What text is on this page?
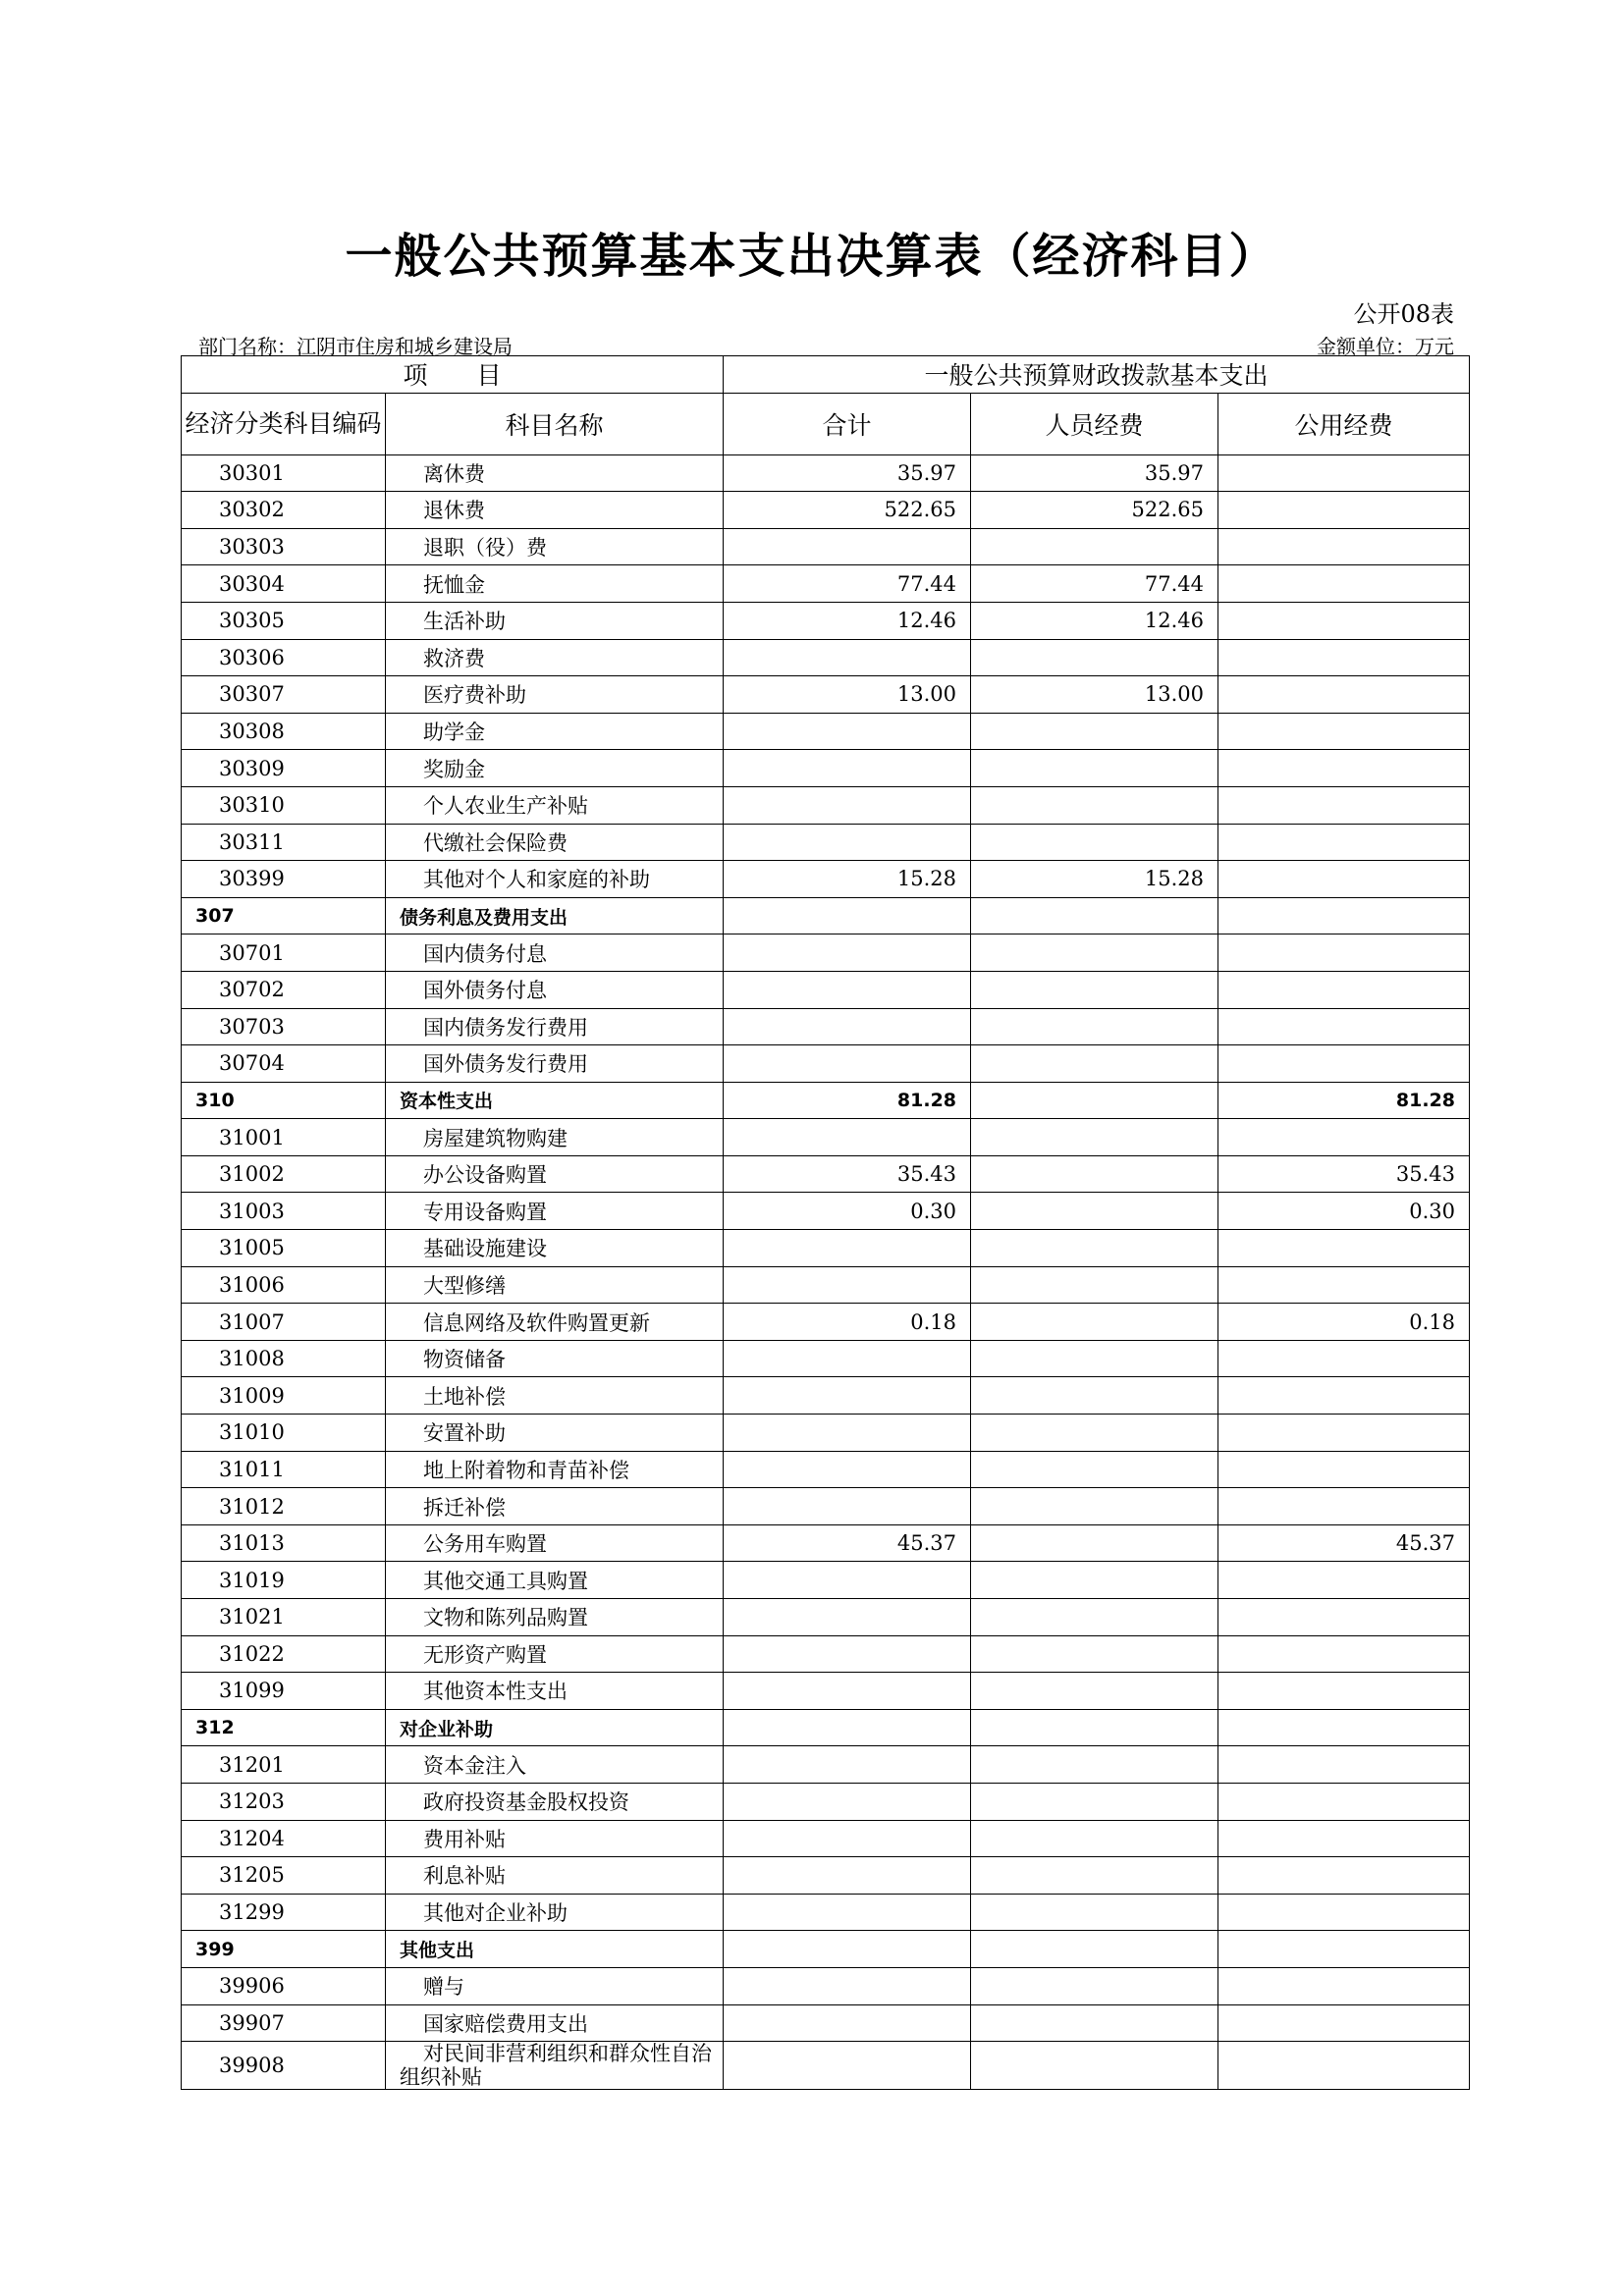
一般公共预算基本支出决算表（经济科目）
公开08表
部门名称：江阴市住房和城乡建设局	金额单位：万元
项　　目		一般公共预算财政拨款基本支出		
经济分类科目编码	科目名称	合计	人员经费	公用经费
30301	离休费	35.97	35.97	
30302	退休费	522.65	522.65	
30303	退职（役）费			
30304	抚恤金	77.44	77.44	
30305	生活补助	12.46	12.46	
30306	救济费			
30307	医疗费补助	13.00	13.00	
30308	助学金			
30309	奖励金			
30310	个人农业生产补贴			
30311	代缴社会保险费			
30399	其他对个人和家庭的补助	15.28	15.28	
307	债务利息及费用支出			
30701	国内债务付息			
30702	国外债务付息			
30703	国内债务发行费用			
30704	国外债务发行费用			
310	资本性支出	81.28		81.28
31001	房屋建筑物购建			
31002	办公设备购置	35.43		35.43
31003	专用设备购置	0.30		0.30
31005	基础设施建设			
31006	大型修缮			
31007	信息网络及软件购置更新	0.18		0.18
31008	物资储备			
31009	土地补偿			
31010	安置补助			
31011	地上附着物和青苗补偿			
31012	拆迁补偿			
31013	公务用车购置	45.37		45.37
31019	其他交通工具购置			
31021	文物和陈列品购置			
31022	无形资产购置			
31099	其他资本性支出			
312	对企业补助			
31201	资本金注入			
31203	政府投资基金股权投资			
31204	费用补贴			
31205	利息补贴			
31299	其他对企业补助			
399	其他支出			
39906	赠与			
39907	国家赔偿费用支出			
39908	对民间非营利组织和群众性自治组织补贴			
